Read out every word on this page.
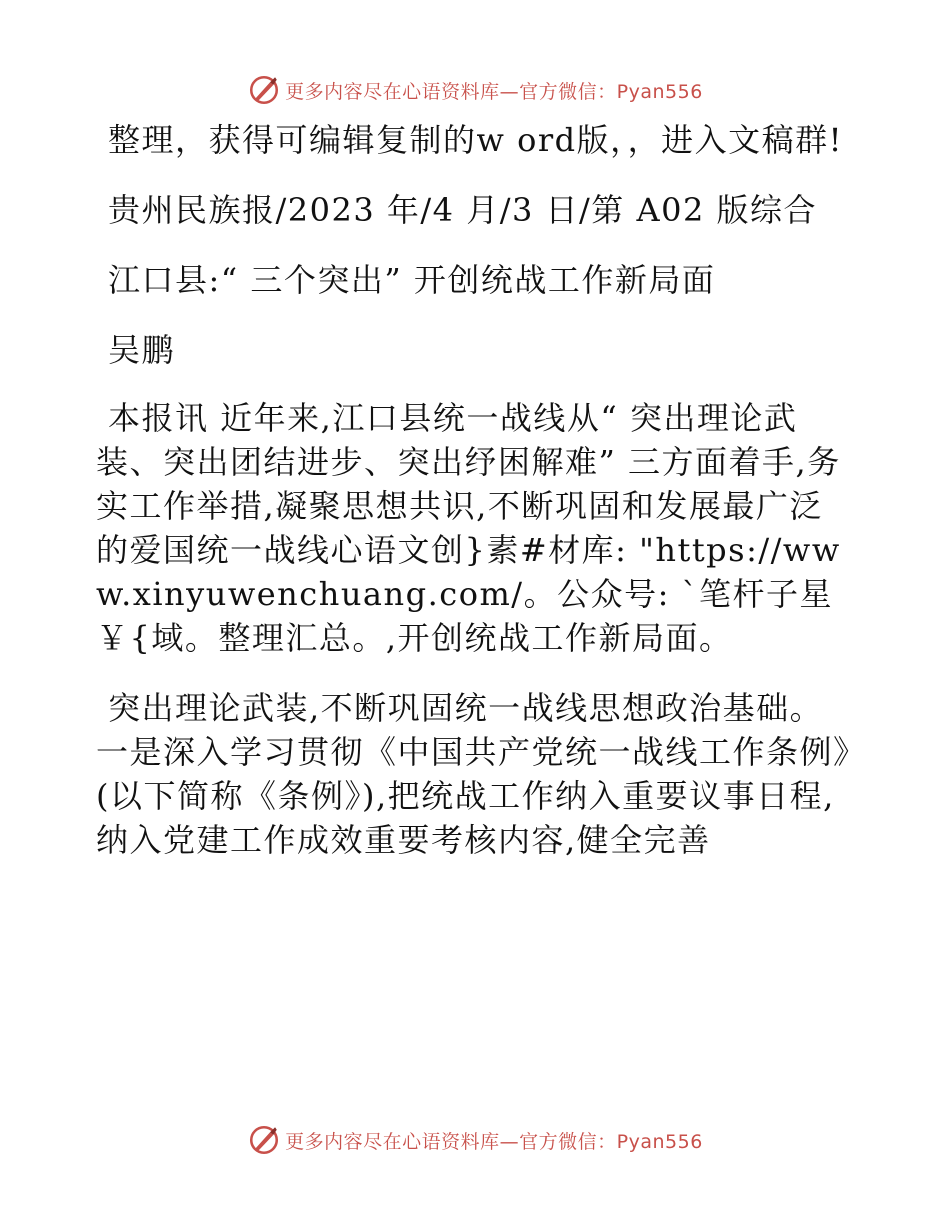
更多内容尽在心语资料库—官方微信：Pyan556

整理，获得可编辑复制的w ord版，，进入文稿群!

贵州民族报/2023 年/4 月/3 日/第 A02 版综合

江口县:“ 三个突出” 开创统战工作新局面

吴鹏

本报讯 近年来,江口县统一战线从“ 突出理论武装、突出团结进步、突出纾困解难” 三方面着手,务实工作举措,凝聚思想共识,不断巩固和发展最广泛的爱国统一战线心语文创}素#材库: "https://www.xinyuwenchuang.com/。公众号: `笔杆子星￥{域。整理汇总。,开创统战工作新局面。

突出理论武装,不断巩固统一战线思想政治基础。一是深入学习贯彻《中国共产党统一战线工作条例》(以下简称《条例》),把统战工作纳入重要议事日程,纳入党建工作成效重要考核内容,健全完善

更多内容尽在心语资料库—官方微信：Pyan556
